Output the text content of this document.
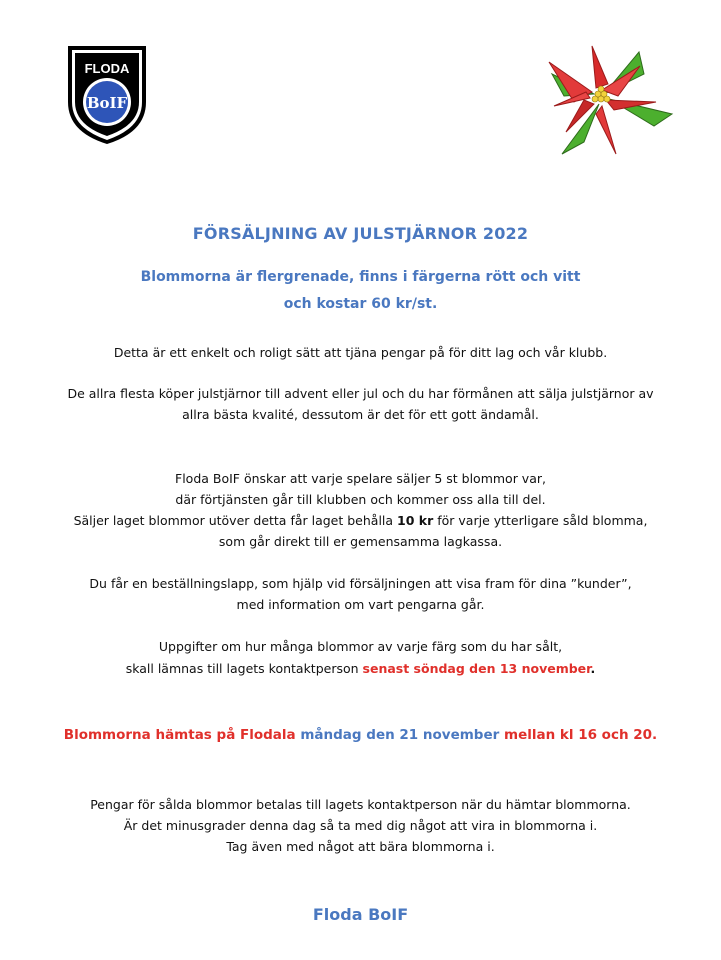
FLODA
BoIF
FÖRSÄLJNING AV JULSTJÄRNOR 2022
Blommorna är flergrenade, finns i färgerna rött och vitt
och kostar 60 kr/st.
Detta är ett enkelt och roligt sätt att tjäna pengar på för ditt lag och vår klubb.
De allra flesta köper julstjärnor till advent eller jul och du har förmånen att sälja julstjärnor av
allra bästa kvalité, dessutom är det för ett gott ändamål.
Floda BoIF önskar att varje spelare säljer 5 st blommor var,
där förtjänsten går till klubben och kommer oss alla till del.
Säljer laget blommor utöver detta får laget behålla 10 kr för varje ytterligare såld blomma,
som går direkt till er gemensamma lagkassa.
Du får en beställningslapp, som hjälp vid försäljningen att visa fram för dina ”kunder”,
med information om vart pengarna går.
Uppgifter om hur många blommor av varje färg som du har sålt,
skall lämnas till lagets kontaktperson senast söndag den 13 november.
Blommorna hämtas på Flodala måndag den 21 november mellan kl 16 och 20.
Pengar för sålda blommor betalas till lagets kontaktperson när du hämtar blommorna.
Är det minusgrader denna dag så ta med dig något att vira in blommorna i.
Tag även med något att bära blommorna i.
Floda BoIF
